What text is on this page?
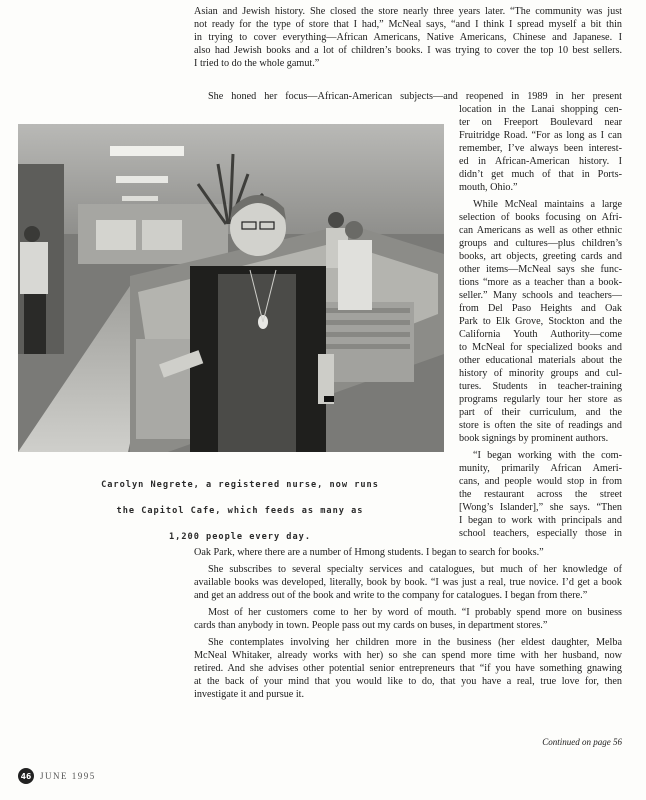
Asian and Jewish history. She closed the store nearly three years later. “The community was just

not ready for the type of store that I had,” McNeal says, “and I think I spread myself a bit thin

in trying to cover everything—African Americans, Native Americans, Chinese and Japanese. I

also had Jewish books and a lot of children’s books. I was trying to cover the top 10 best sellers.

I tried to do the whole gamut.”

She honed her focus—African-American subjects—and reopened in 1989 in her present

location in the Lanai shopping cen-

ter on Freeport Boulevard near

Fruitridge Road. “For as long as I can

remember, I’ve always been interest-

ed in African-American history. I

didn’t get much of that in Ports-

mouth, Ohio.”

While McNeal maintains a large

selection of books focusing on Afri-

can Americans as well as other ethnic

groups and cultures—plus children’s

books, art objects, greeting cards and

other items—McNeal says she func-

tions “more as a teacher than a book-

seller.” Many schools and teachers—

from Del Paso Heights and Oak

Park to Elk Grove, Stockton and the

California Youth Authority—come

to McNeal for specialized books and

other educational materials about the

history of minority groups and cul-

tures. Students in teacher-training

programs regularly tour her store as

part of their curriculum, and the

store is often the site of readings and

book signings by prominent authors.

“I began working with the com-

munity, primarily African Ameri-

cans, and people would stop in from

the restaurant across the street

[Wong’s Islander],” she says. “Then

I began to work with principals and

school teachers, especially those in

Carolyn Negrete, a registered nurse, now runs
the Capitol Cafe, which feeds as many as
1,200 people every day.

Oak Park, where there are a number of Hmong students. I began to search for books.”

She subscribes to several specialty services and catalogues, but much of her knowledge of

available books was developed, literally, book by book. “I was just a real, true novice. I’d get a book

and get an address out of the book and write to the company for catalogues. I began from there.”

Most of her customers come to her by word of mouth. “I probably spend more on business

cards than anybody in town. People pass out my cards on buses, in department stores.”

She contemplates involving her children more in the business (her eldest daughter, Melba

McNeal Whitaker, already works with her) so she can spend more time with her husband, now

retired. And she advises other potential senior entrepreneurs that “if you have something gnawing

at the back of your mind that you would like to do, that you have a real, true love for, then

investigate it and pursue it.

Continued on page 56
46 JUNE 1995
